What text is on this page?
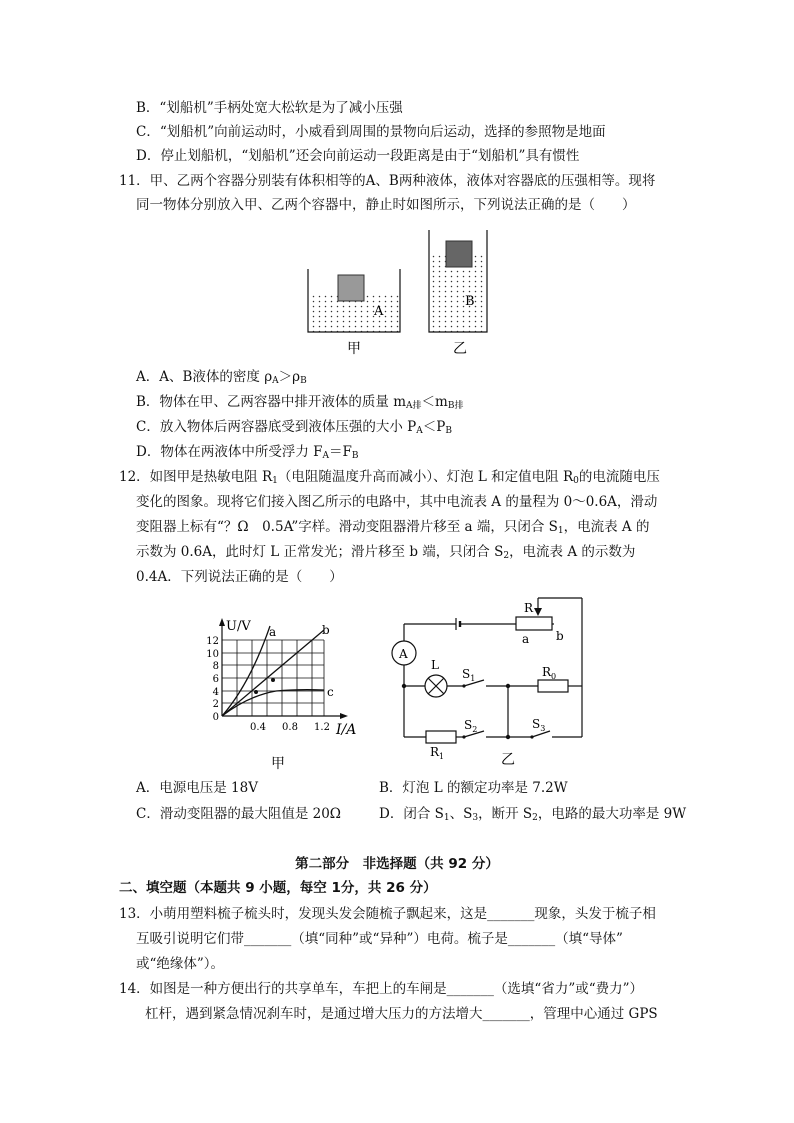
B．“划船机”手柄处宽大松软是为了减小压强
C．“划船机”向前运动时，小威看到周围的景物向后运动，选择的参照物是地面
D．停止划船机，“划船机”还会向前运动一段距离是由于“划船机”具有惯性
11．甲、乙两个容器分别装有体积相等的A、B两种液体，液体对容器底的压强相等。现将
同一物体分别放入甲、乙两个容器中，静止时如图所示，下列说法正确的是（　　）
A
B
甲	乙
A．A、B液体的密度 $\rho_A>\rho_B$
B．物体在甲、乙两容器中排开液体的质量 $m_{A排}<m_{B排}$
C．放入物体后两容器底受到液体压强的大小 $P_A<P_B$
D．物体在两液体中所受浮力 $F_A=F_B$
12．如图甲是热敏电阻 $R_1$（电阻随温度升高而减小）、灯泡 L 和定值电阻 $R_0$的电流随电压
变化的图象。现将它们接入图乙所示的电路中，其中电流表 A 的量程为 0～0.6A，滑动
变阻器上标有“？Ω　0.5A”字样。滑动变阻器滑片移至 a 端，只闭合 $S_1$，电流表 A 的
示数为 0.6A，此时灯 L 正常发光；滑片移至 b 端，只闭合 $S_2$，电流表 A 的示数为
0.4A．下列说法正确的是（　　）
U/V
I/A
a	b
c
12
10
8
6
4
2
0
0.4 0.8 1.2
甲
A
L
R
a b
$S_1$	$R_0$
$S_2$	$S_3$
$R_1$	乙
A．电源电压是 18V	B．灯泡 L 的额定功率是 7.2W
C．滑动变阻器的最大阻值是 20Ω	D．闭合 $S_1$、$S_3$，断开 $S_2$，电路的最大功率是 9W
第二部分　非选择题（共 92 分）
二、填空题（本题共 9 小题，每空 1分，共 26 分）
13．小萌用塑料梳子梳头时，发现头发会随梳子飘起来，这是_______现象，头发于梳子相
互吸引说明它们带_______（填“同种”或“异种”）电荷。梳子是_______（填“导体”
或“绝缘体”）。
14．如图是一种方便出行的共享单车，车把上的车闸是_______（选填“省力”或“费力”）
杠杆，遇到紧急情况刹车时，是通过增大压力的方法增大_______，管理中心通过 GPS
